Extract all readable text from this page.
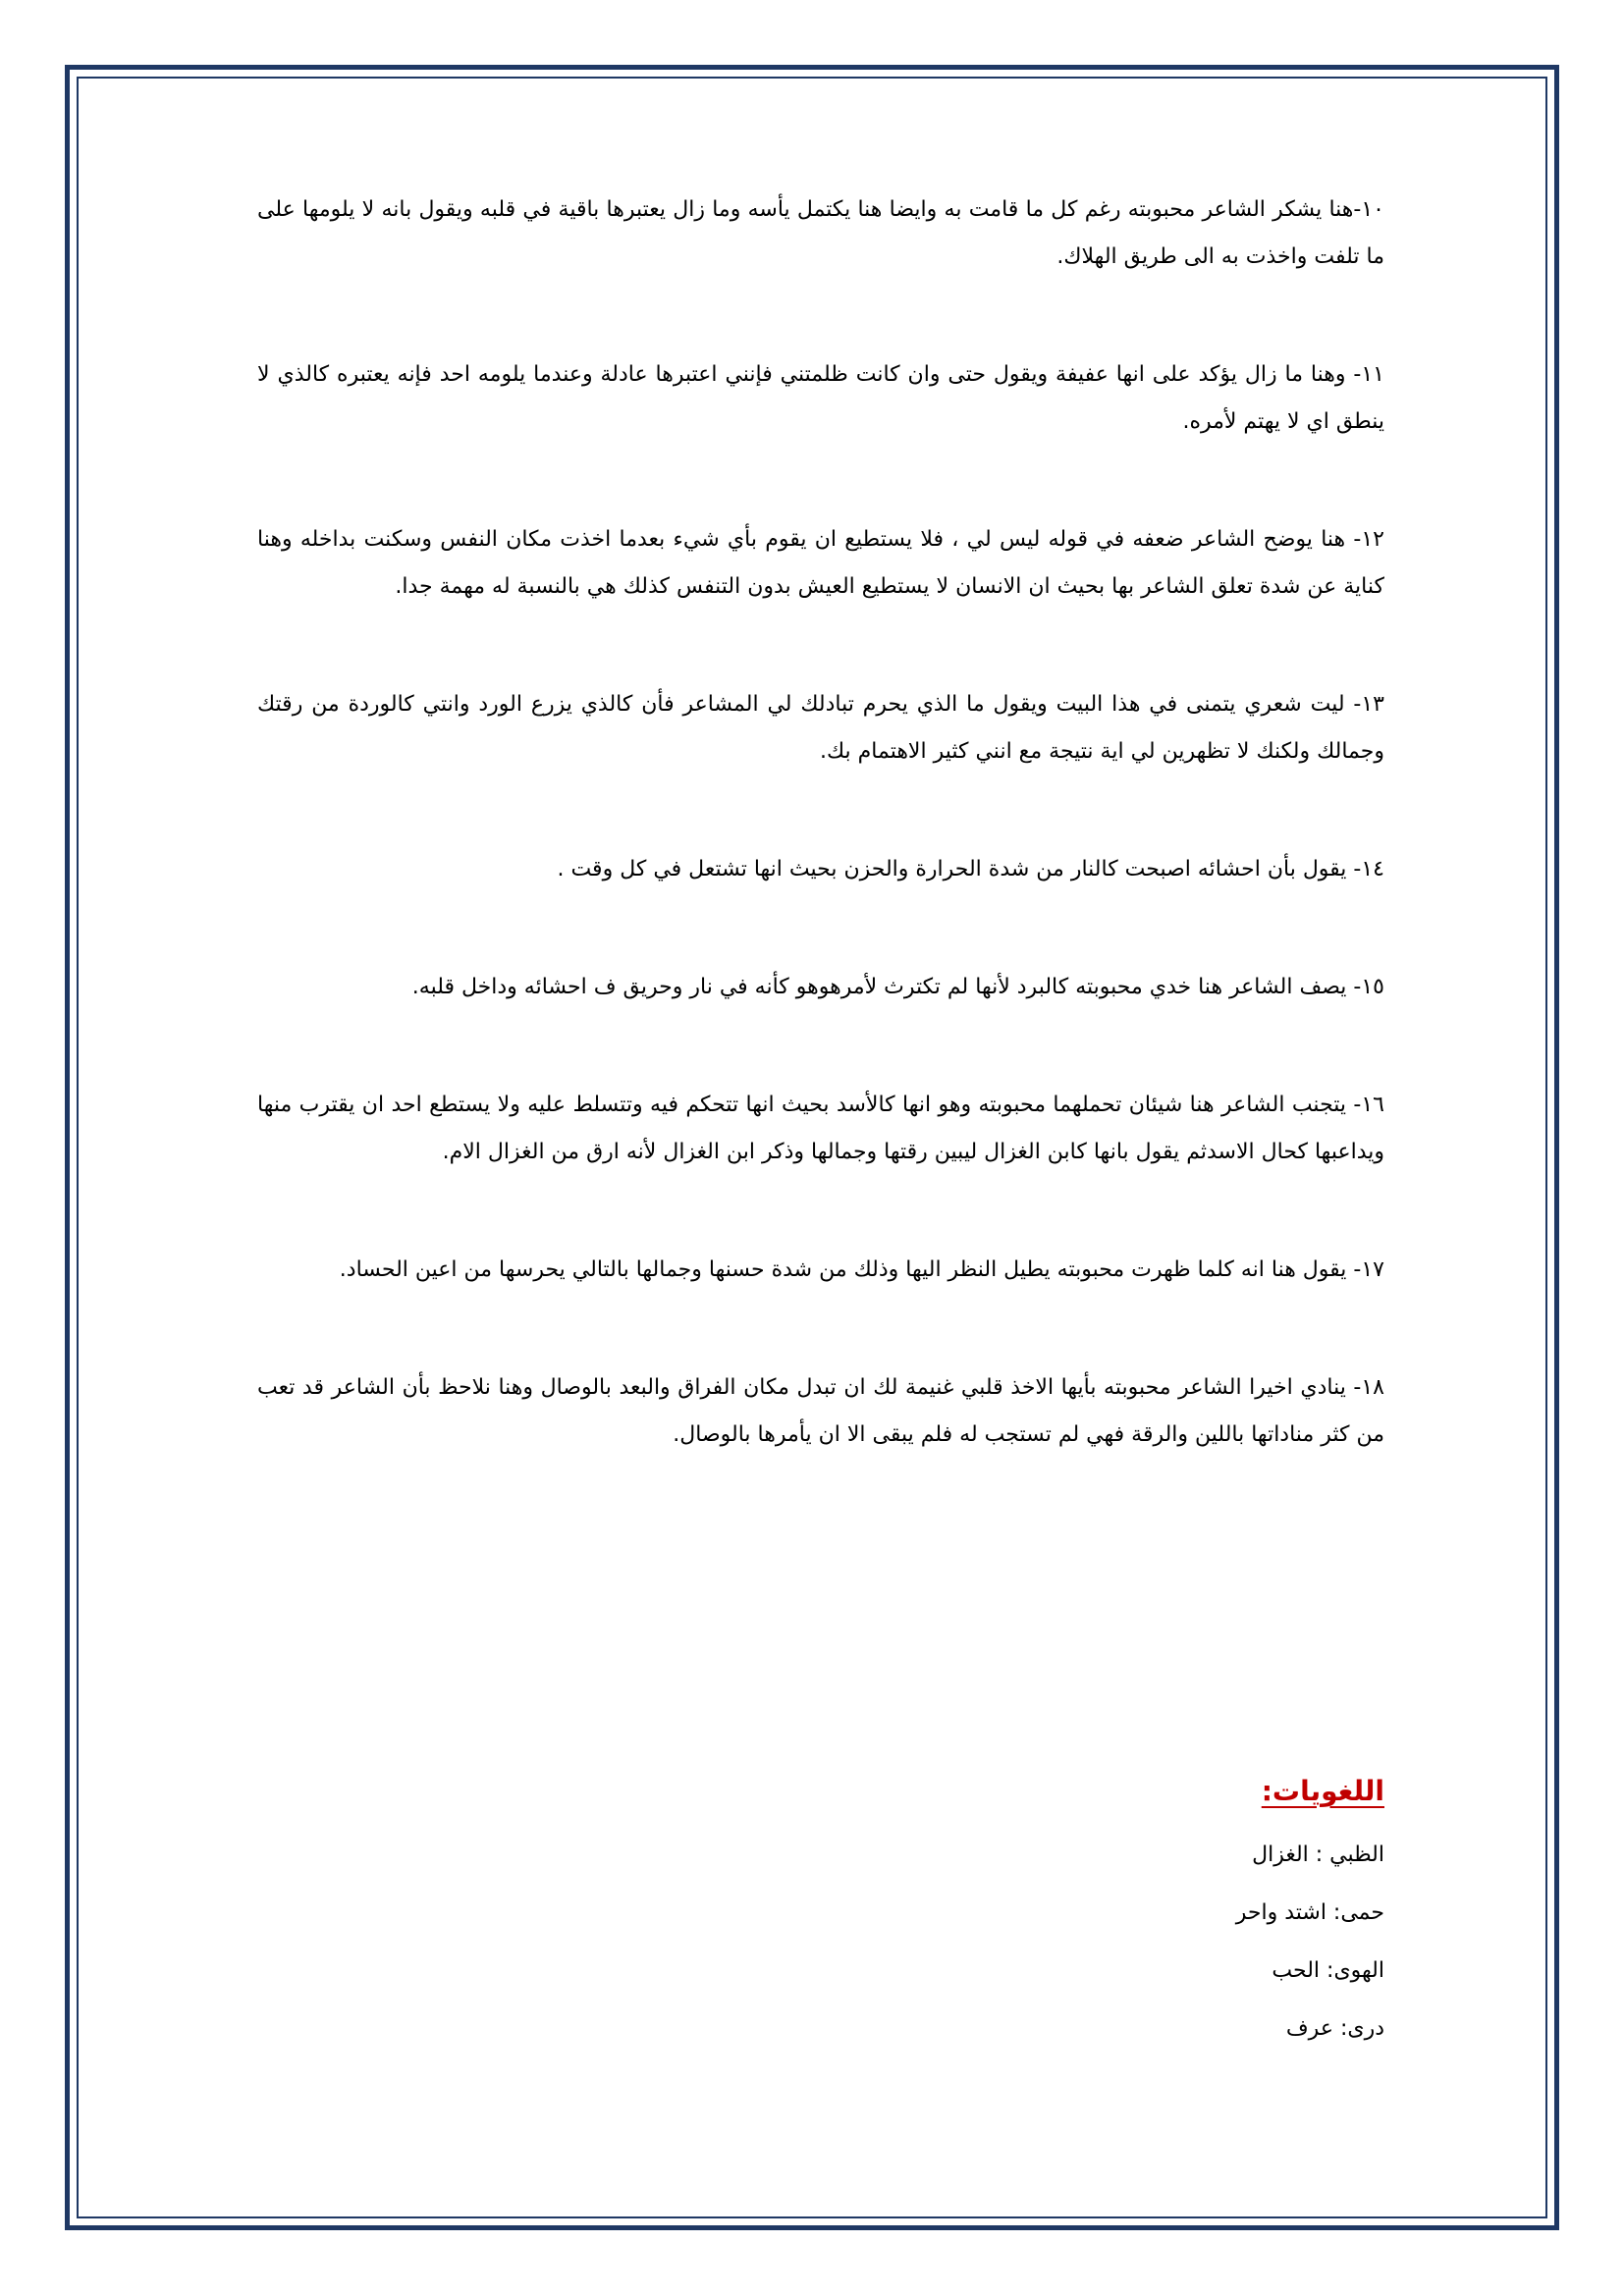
١٠-هنا يشكر الشاعر محبوبته رغم كل ما قامت به وايضا هنا يكتمل يأسه وما زال يعتبرها باقية في قلبه ويقول بانه لا يلومها على ما تلفت واخذت به الى طريق الهلاك.

١١- وهنا ما زال يؤكد على انها عفيفة ويقول حتى وان كانت ظلمتني فإنني اعتبرها عادلة وعندما يلومه احد فإنه يعتبره كالذي لا ينطق اي لا يهتم لأمره.

١٢- هنا يوضح الشاعر ضعفه في قوله ليس لي ، فلا يستطيع ان يقوم بأي شيء بعدما اخذت مكان النفس وسكنت بداخله وهنا كناية عن شدة تعلق الشاعر بها بحيث ان الانسان لا يستطيع العيش بدون التنفس كذلك هي بالنسبة له مهمة جدا.

١٣- ليت شعري يتمنى في هذا البيت ويقول ما الذي يحرم تبادلك لي المشاعر فأن كالذي يزرع الورد وانتي كالوردة من رقتك وجمالك ولكنك لا تظهرين لي اية نتيجة مع انني كثير الاهتمام بك.

١٤- يقول بأن احشائه اصبحت كالنار من شدة الحرارة والحزن بحيث انها تشتعل في كل وقت .

١٥- يصف الشاعر هنا خدي محبوبته كالبرد لأنها لم تكترث لأمرهوهو كأنه في نار وحريق ف احشائه وداخل قلبه.

١٦- يتجنب الشاعر هنا شيئان تحملهما محبوبته وهو انها كالأسد بحيث انها تتحكم فيه وتتسلط عليه ولا يستطع احد ان يقترب منها ويداعبها كحال الاسدثم يقول بانها كابن الغزال ليبين رقتها وجمالها وذكر ابن الغزال لأنه ارق من الغزال الام.

١٧- يقول هنا انه كلما ظهرت محبوبته يطيل النظر اليها وذلك من شدة حسنها وجمالها بالتالي يحرسها من اعين الحساد.

١٨- ينادي اخيرا الشاعر محبوبته بأيها الاخذ قلبي غنيمة لك ان تبدل مكان الفراق والبعد بالوصال وهنا نلاحظ بأن الشاعر قد تعب من كثر مناداتها باللين والرقة فهي لم تستجب له فلم يبقى الا ان يأمرها بالوصال.

اللغويات:

الظبي : الغزال

حمى: اشتد واحر

الهوى: الحب

درى: عرف
